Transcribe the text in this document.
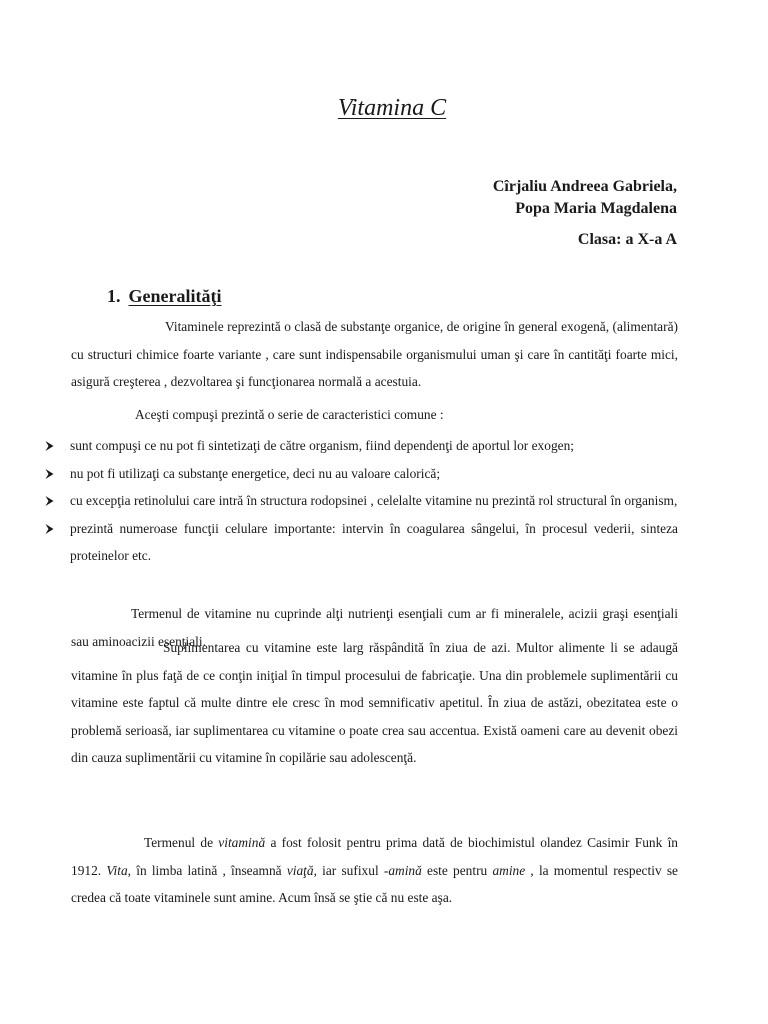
Vitamina C
Cîrjaliu Andreea Gabriela,
Popa Maria Magdalena
Clasa: a X-a A
1. Generalităţi

Vitaminele reprezintă o clasă de substanţe organice, de origine în general exogenă, (alimentară) cu structuri chimice foarte variante , care sunt indispensabile organismului uman şi care în cantităţi foarte mici, asigură creşterea , dezvoltarea şi funcţionarea normală a acestuia.

Aceşti compuşi prezintă o serie de caracteristici comune :
sunt compuşi ce nu pot fi sintetizaţi de către organism, fiind dependenţi de aportul lor exogen;
nu pot fi utilizaţi ca substanţe energetice, deci nu au valoare calorică;
cu excepţia retinolului care intră în structura rodopsinei , celelalte vitamine nu prezintă rol structural în organism,
prezintă numeroase funcţii celulare importante: intervin în coagularea sângelui, în procesul vederii, sinteza proteinelor etc.

Termenul de vitamine nu cuprinde alţi nutrienţi esenţiali cum ar fi mineralele, acizii graşi esenţiali sau aminoacizii esenţiali.

Suplimentarea cu vitamine este larg răspândită în ziua de azi. Multor alimente li se adaugă vitamine în plus faţă de ce conţin iniţial în timpul procesului de fabricaţie. Una din problemele suplimentării cu vitamine este faptul că multe dintre ele cresc în mod semnificativ apetitul. În ziua de astăzi, obezitatea este o problemă serioasă, iar suplimentarea cu vitamine o poate crea sau accentua. Există oameni care au devenit obezi din cauza suplimentării cu vitamine în copilărie sau adolescenţă.

Termenul de vitamină a fost folosit pentru prima dată de biochimistul olandez Casimir Funk în 1912. Vita, în limba latină , înseamnă viaţă, iar sufixul -amină este pentru amine , la momentul respectiv se credea că toate vitaminele sunt amine. Acum însă se ştie că nu este aşa.
